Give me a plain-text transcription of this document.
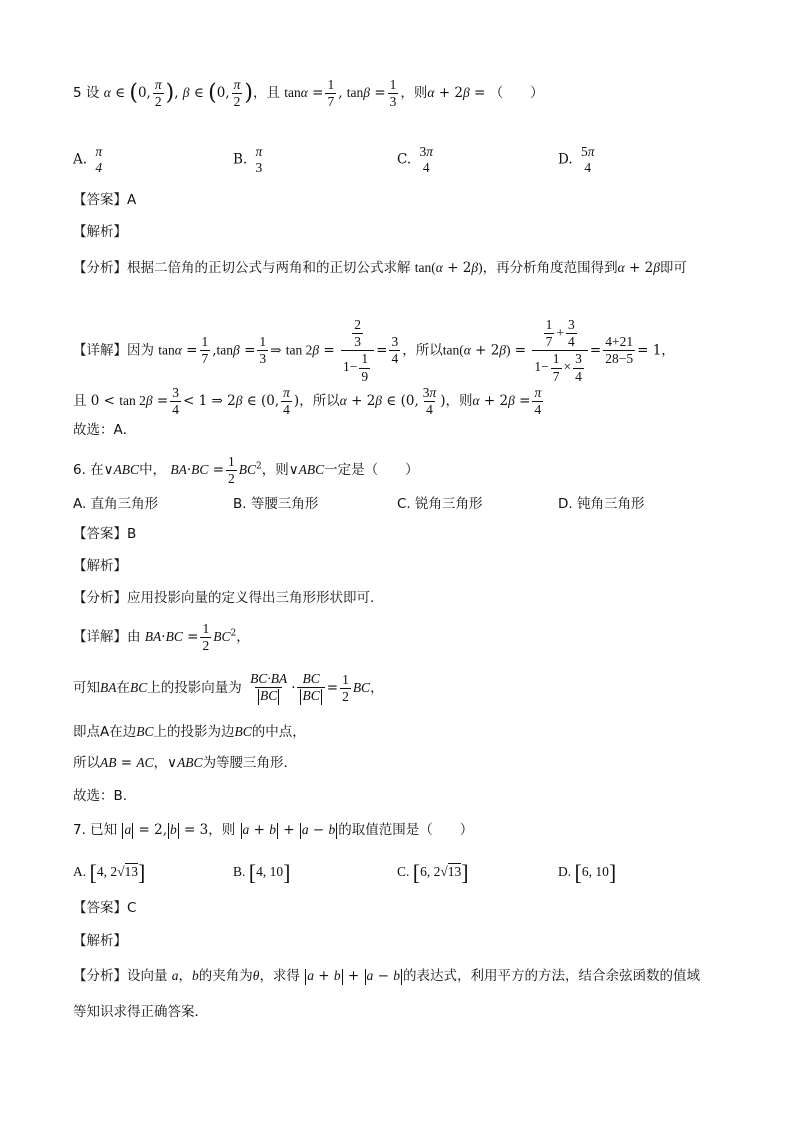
5 设 α ∈ (0, $\frac{\pi}{2}$ ), β ∈ (0, $\frac{\pi}{2}$ )，且 $\tan\alpha = \frac{1}{7}$ , $\tan\beta = \frac{1}{3}$ ，则α + 2β = （　　）
A.
π
4	B.
π
3	C.
3π
4	D.
5π
4
【答案】A
【解析】
【分析】根据二倍角的正切公式与两角和的正切公式求解 tan(α + 2β)，再分析角度范围得到α + 2β即可
【详解】因为 $\tan\alpha = \frac{1}{7} ,\tan\beta = \frac{1}{3}$ ⇒ $\tan 2\beta = \frac{\frac{2}{3}}{1- \frac{1}{9}} = \frac{3}{4}$ ，所以$\tan(\alpha + 2\beta) = \frac{\frac{1}{7} + \frac{3}{4}}{1- \frac{1}{7} \times \frac{3}{4}} = \frac{4+21}{28-5} = 1$，
且 $0 < \tan 2\beta = \frac{3}{4} < 1$ ⇒ 2β ∈ (0, $\frac{\pi}{4}$ )，所以α + 2β ∈ (0, $\frac{3\pi}{4}$ )，则$\alpha + 2\beta = \frac{\pi}{4}$
故选：A．
6. 在∨ABC中， $BA\cdot BC = \frac{1}{2} BC^2$，则∨ABC一定是（　　）
A. 直角三角形	B. 等腰三角形	C. 锐角三角形	D. 钝角三角形
【答案】B
【解析】
【分析】应用投影向量的定义得出三角形形状即可.
【详解】由 $BA\cdot BC = \frac{1}{2} BC^2$，
可知BA在BC上的投影向量为 $\frac{BC\cdot BA}{BC} \cdot \frac{BC}{BC} = \frac{1}{2}$ BC，
即点A在边BC上的投影为边BC的中点，
所以AB = AC，∨ABC为等腰三角形．
故选：B.
7. 已知 a = 2, b = 3，则 a + b + a − b 的取值范围是（　　）
A. [4, 2√13]	B. [4, 10]	C. [6, 2√13]	D. [6, 10]
【答案】C
【解析】
【分析】设向量 a，b的夹角为θ，求得 a + b + a − b 的表达式，利用平方的方法，结合余弦函数的值域
等知识求得正确答案．
